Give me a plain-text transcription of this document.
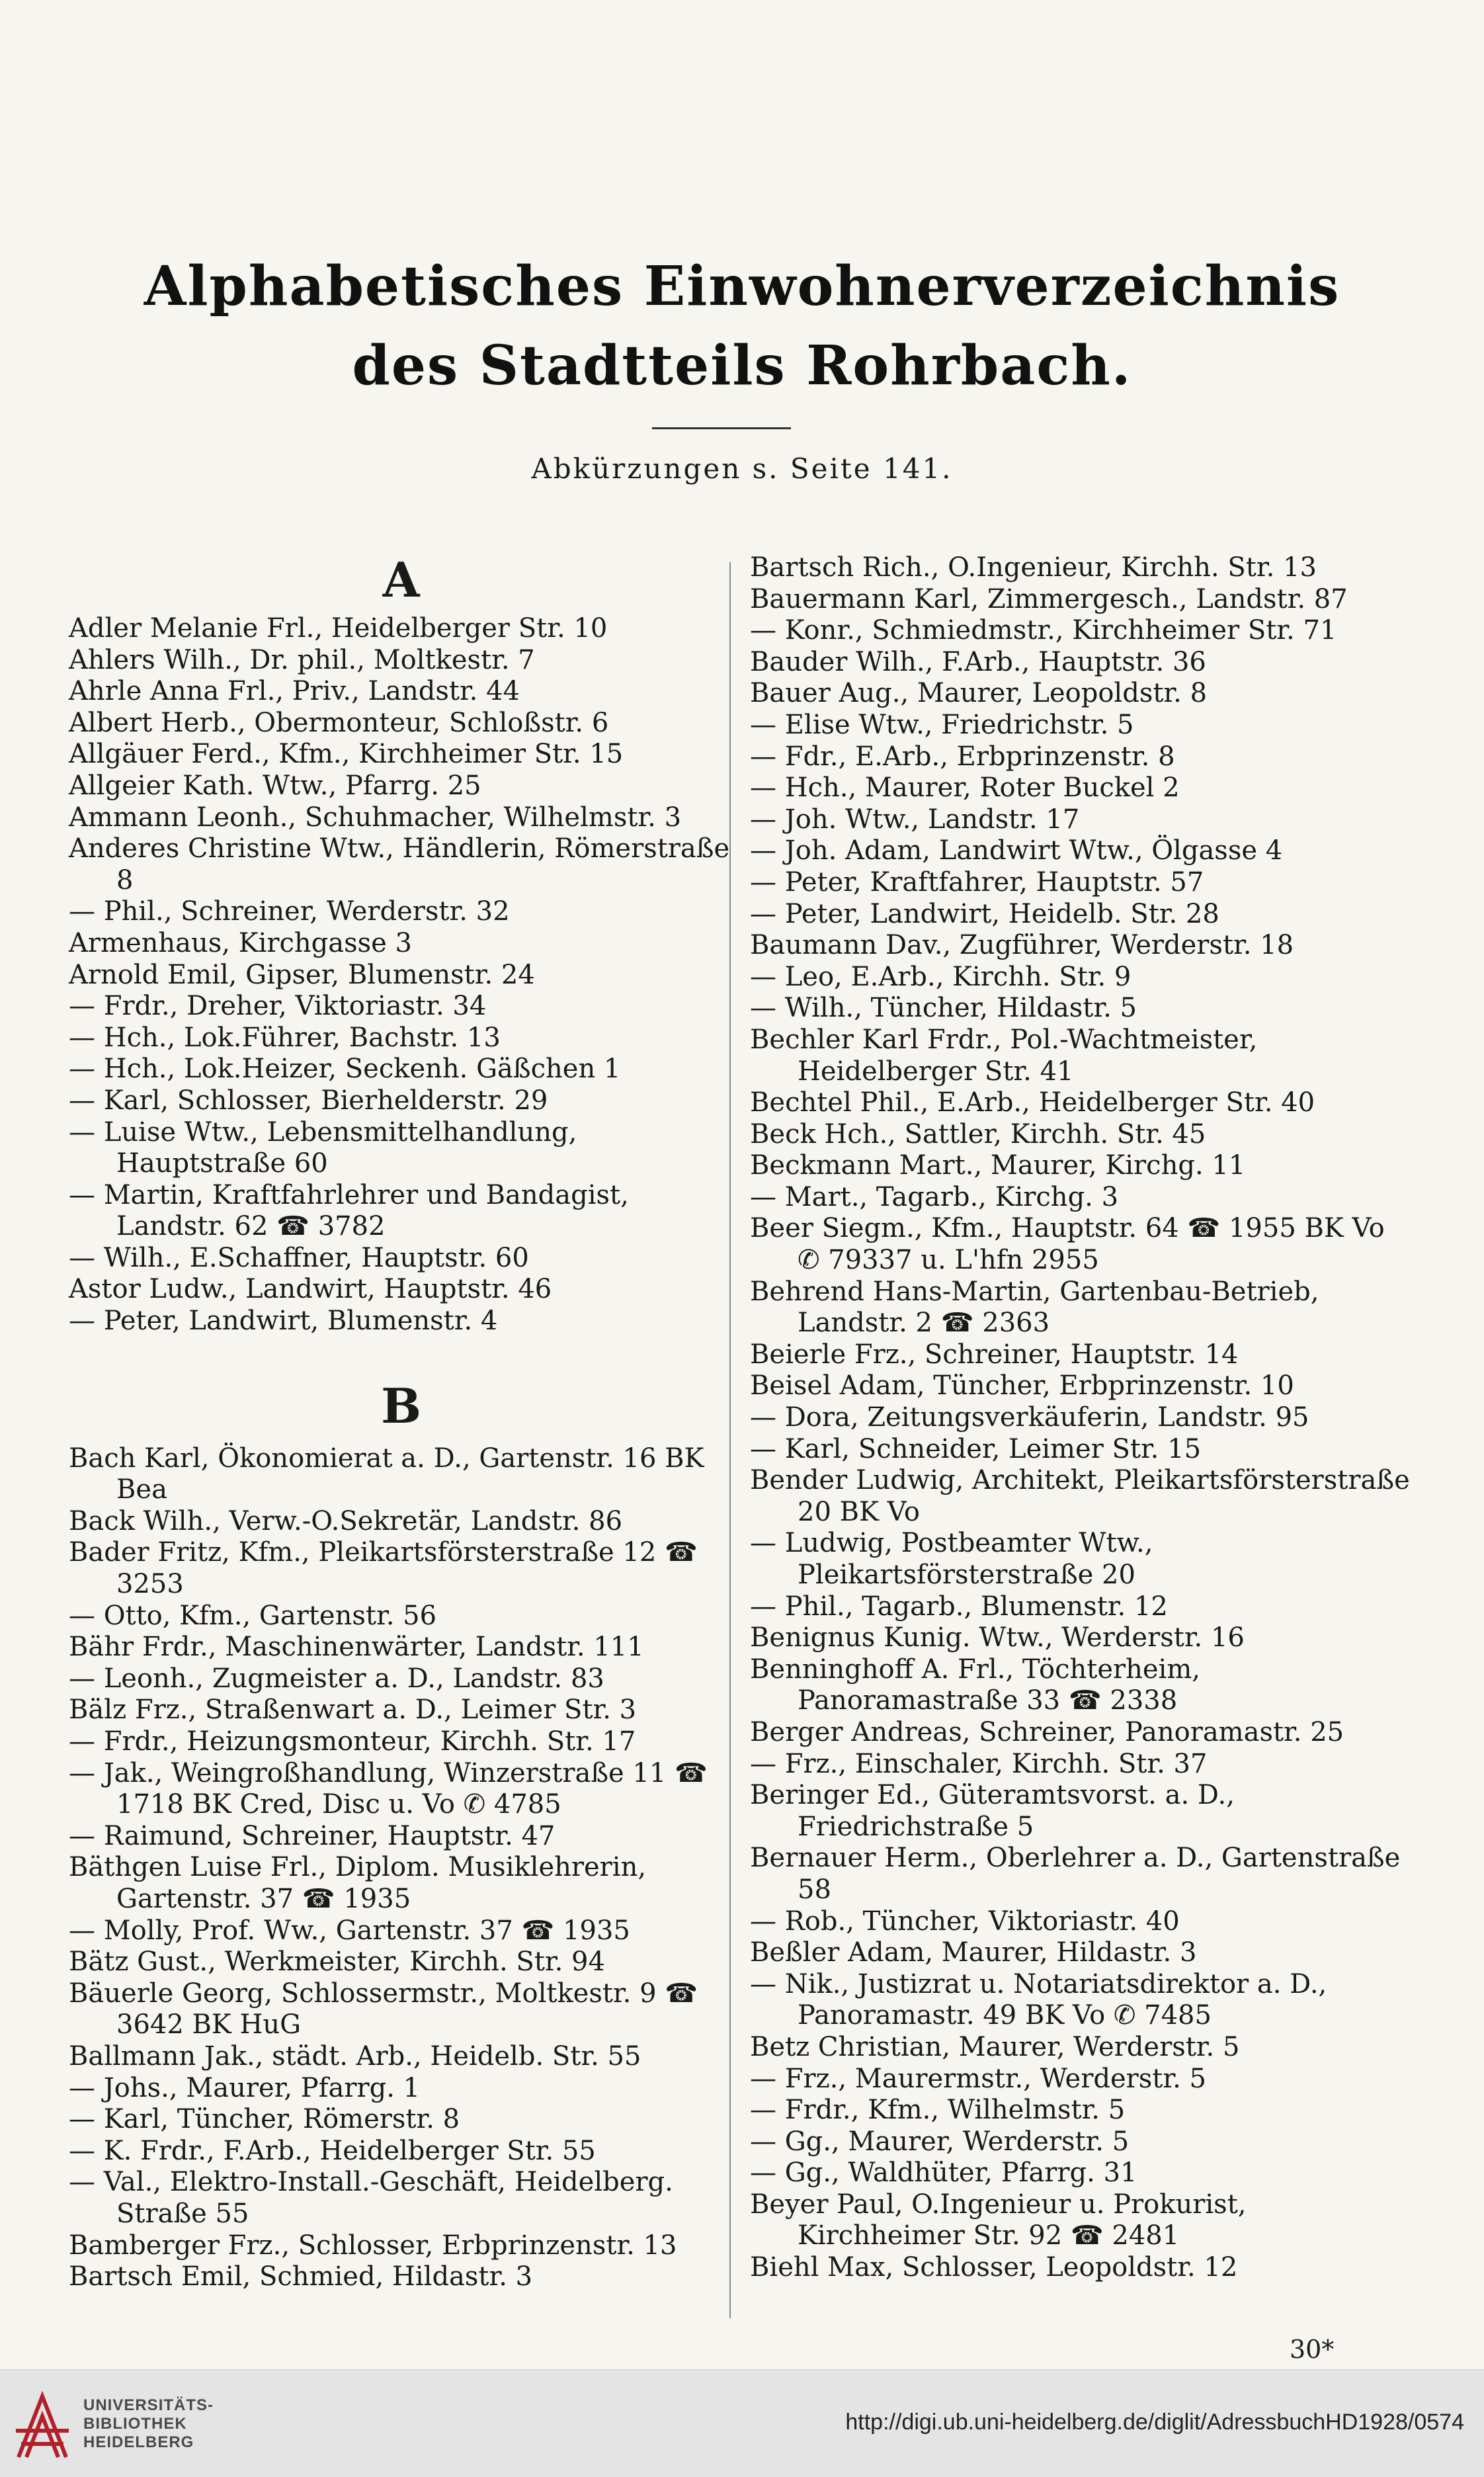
Alphabetisches Einwohnerverzeichnis
des Stadtteils Rohrbach.
Abkürzungen s. Seite 141.
A
Adler Melanie Frl., Heidelberger Str. 10
Ahlers Wilh., Dr. phil., Moltkestr. 7
Ahrle Anna Frl., Priv., Landstr. 44
Albert Herb., Obermonteur, Schloßstr. 6
Allgäuer Ferd., Kfm., Kirchheimer Str. 15
Allgeier Kath. Wtw., Pfarrg. 25
Ammann Leonh., Schuhmacher, Wilhelmstr. 3
Anderes Christine Wtw., Händlerin, Römerstraße 8
— Phil., Schreiner, Werderstr. 32
Armenhaus, Kirchgasse 3
Arnold Emil, Gipser, Blumenstr. 24
— Frdr., Dreher, Viktoriastr. 34
— Hch., Lok.Führer, Bachstr. 13
— Hch., Lok.Heizer, Seckenh. Gäßchen 1
— Karl, Schlosser, Bierhelderstr. 29
— Luise Wtw., Lebensmittelhandlung, Hauptstraße 60
— Martin, Kraftfahrlehrer und Bandagist, Landstr. 62 ☎ 3782
— Wilh., E.Schaffner, Hauptstr. 60
Astor Ludw., Landwirt, Hauptstr. 46
— Peter, Landwirt, Blumenstr. 4
B
Bach Karl, Ökonomierat a. D., Gartenstr. 16 BK Bea
Back Wilh., Verw.-O.Sekretär, Landstr. 86
Bader Fritz, Kfm., Pleikartsförsterstraße 12 ☎ 3253
— Otto, Kfm., Gartenstr. 56
Bähr Frdr., Maschinenwärter, Landstr. 111
— Leonh., Zugmeister a. D., Landstr. 83
Bälz Frz., Straßenwart a. D., Leimer Str. 3
— Frdr., Heizungsmonteur, Kirchh. Str. 17
— Jak., Weingroßhandlung, Winzerstraße 11 ☎ 1718 BK Cred, Disc u. Vo ✆ 4785
— Raimund, Schreiner, Hauptstr. 47
Bäthgen Luise Frl., Diplom. Musiklehrerin, Gartenstr. 37 ☎ 1935
— Molly, Prof. Ww., Gartenstr. 37 ☎ 1935
Bätz Gust., Werkmeister, Kirchh. Str. 94
Bäuerle Georg, Schlossermstr., Moltkestr. 9 ☎ 3642 BK HuG
Ballmann Jak., städt. Arb., Heidelb. Str. 55
— Johs., Maurer, Pfarrg. 1
— Karl, Tüncher, Römerstr. 8
— K. Frdr., F.Arb., Heidelberger Str. 55
— Val., Elektro-Install.-Geschäft, Heidelberg. Straße 55
Bamberger Frz., Schlosser, Erbprinzenstr. 13
Bartsch Emil, Schmied, Hildastr. 3
Bartsch Rich., O.Ingenieur, Kirchh. Str. 13
Bauermann Karl, Zimmergesch., Landstr. 87
— Konr., Schmiedmstr., Kirchheimer Str. 71
Bauder Wilh., F.Arb., Hauptstr. 36
Bauer Aug., Maurer, Leopoldstr. 8
— Elise Wtw., Friedrichstr. 5
— Fdr., E.Arb., Erbprinzenstr. 8
— Hch., Maurer, Roter Buckel 2
— Joh. Wtw., Landstr. 17
— Joh. Adam, Landwirt Wtw., Ölgasse 4
— Peter, Kraftfahrer, Hauptstr. 57
— Peter, Landwirt, Heidelb. Str. 28
Baumann Dav., Zugführer, Werderstr. 18
— Leo, E.Arb., Kirchh. Str. 9
— Wilh., Tüncher, Hildastr. 5
Bechler Karl Frdr., Pol.-Wachtmeister, Heidelberger Str. 41
Bechtel Phil., E.Arb., Heidelberger Str. 40
Beck Hch., Sattler, Kirchh. Str. 45
Beckmann Mart., Maurer, Kirchg. 11
— Mart., Tagarb., Kirchg. 3
Beer Siegm., Kfm., Hauptstr. 64 ☎ 1955 BK Vo ✆ 79337 u. L'hfn 2955
Behrend Hans-Martin, Gartenbau-Betrieb, Landstr. 2 ☎ 2363
Beierle Frz., Schreiner, Hauptstr. 14
Beisel Adam, Tüncher, Erbprinzenstr. 10
— Dora, Zeitungsverkäuferin, Landstr. 95
— Karl, Schneider, Leimer Str. 15
Bender Ludwig, Architekt, Pleikartsförsterstraße 20 BK Vo
— Ludwig, Postbeamter Wtw., Pleikartsförsterstraße 20
— Phil., Tagarb., Blumenstr. 12
Benignus Kunig. Wtw., Werderstr. 16
Benninghoff A. Frl., Töchterheim, Panoramastraße 33 ☎ 2338
Berger Andreas, Schreiner, Panoramastr. 25
— Frz., Einschaler, Kirchh. Str. 37
Beringer Ed., Güteramtsvorst. a. D., Friedrichstraße 5
Bernauer Herm., Oberlehrer a. D., Gartenstraße 58
— Rob., Tüncher, Viktoriastr. 40
Beßler Adam, Maurer, Hildastr. 3
— Nik., Justizrat u. Notariatsdirektor a. D., Panoramastr. 49 BK Vo ✆ 7485
Betz Christian, Maurer, Werderstr. 5
— Frz., Maurermstr., Werderstr. 5
— Frdr., Kfm., Wilhelmstr. 5
— Gg., Maurer, Werderstr. 5
— Gg., Waldhüter, Pfarrg. 31
Beyer Paul, O.Ingenieur u. Prokurist, Kirchheimer Str. 92 ☎ 2481
Biehl Max, Schlosser, Leopoldstr. 12
30*
UNIVERSITÄTS-
BIBLIOTHEK
HEIDELBERG
http://digi.ub.uni-heidelberg.de/diglit/AdressbuchHD1928/0574
